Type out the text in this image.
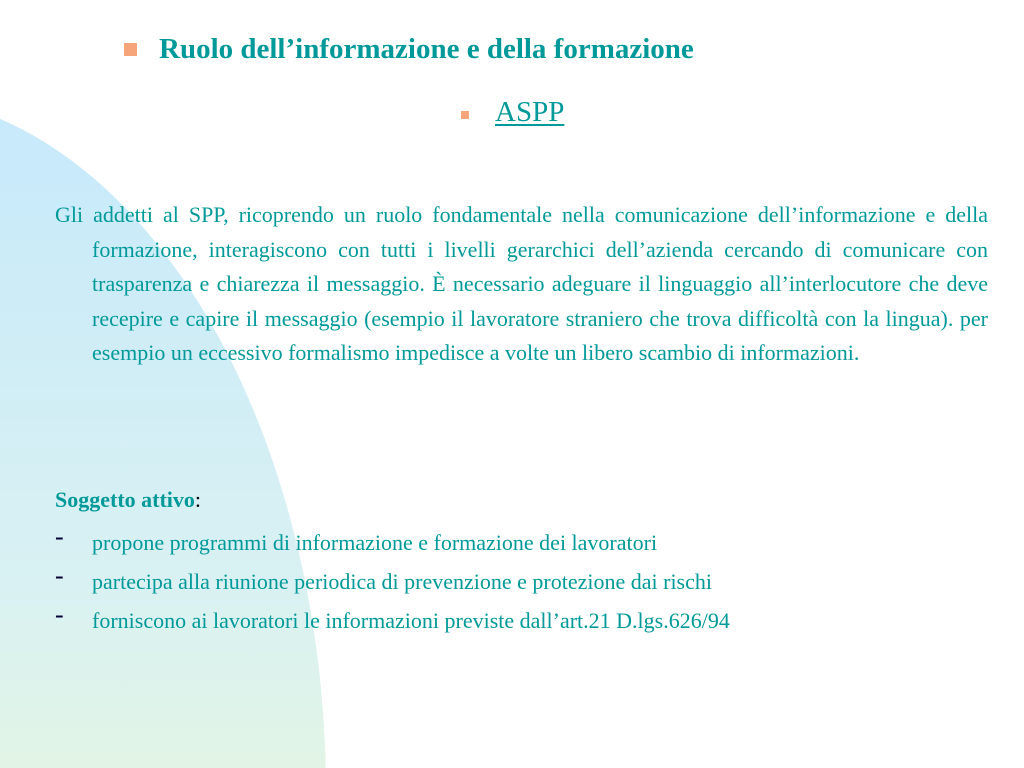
Ruolo dell’informazione e della formazione
ASPP

Gli addetti al SPP, ricoprendo un ruolo fondamentale nella comunicazione dell’informazione e della formazione, interagiscono con tutti i livelli gerarchici dell’azienda cercando di comunicare con trasparenza e chiarezza il messaggio. È necessario adeguare il linguaggio all’interlocutore che deve recepire e capire il messaggio (esempio il lavoratore straniero che trova difficoltà con la lingua). per esempio un eccessivo formalismo impedisce a volte un libero scambio di informazioni.

Soggetto attivo:
- propone programmi di informazione e formazione dei lavoratori
- partecipa alla riunione periodica di prevenzione e protezione dai rischi
- forniscono ai lavoratori le informazioni previste dall’art.21 D.lgs.626/94
